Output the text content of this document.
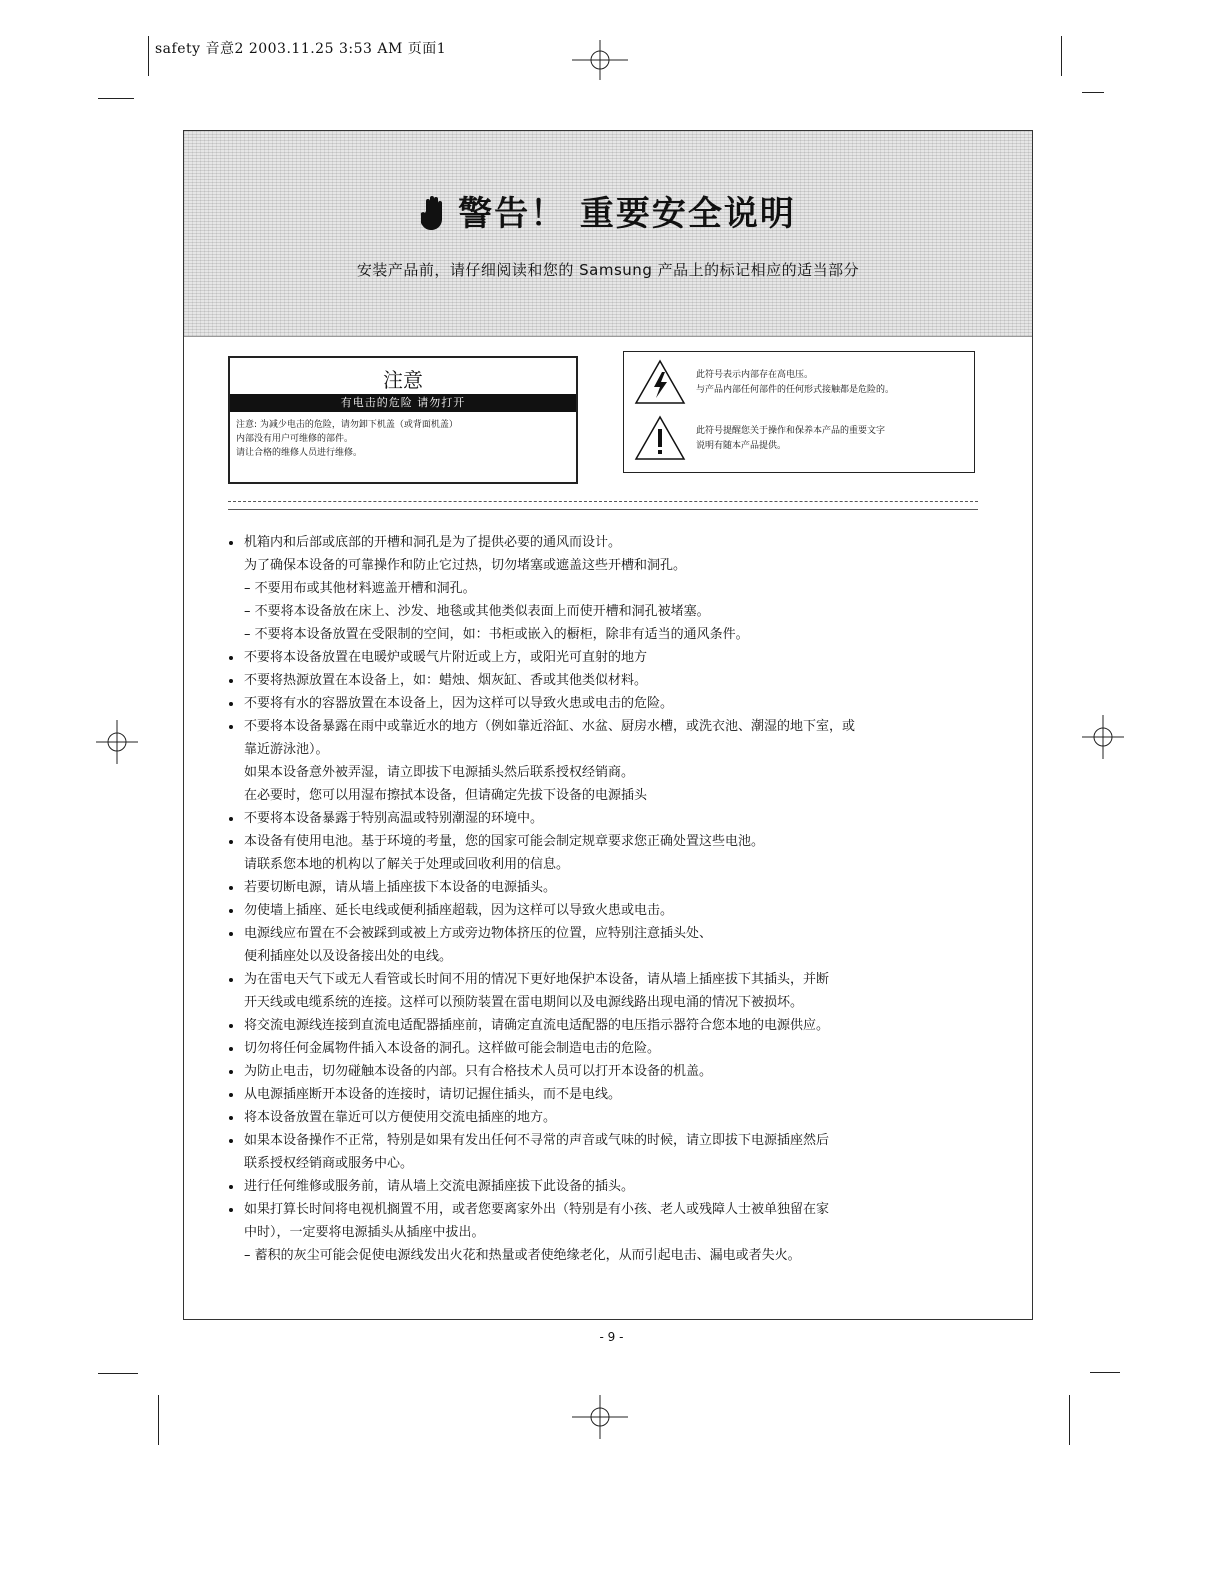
safety 音意2 2003.11.25 3:53 AM 页面1
警告！ 重要安全说明
安装产品前，请仔细阅读和您的 Samsung 产品上的标记相应的适当部分
注意
有电击的危险 请勿打开
注意: 为减少电击的危险，请勿卸下机盖（或背面机盖）
内部没有用户可维修的部件。
请让合格的维修人员进行维修。
此符号表示内部存在高电压。
与产品内部任何部件的任何形式接触都是危险的。
此符号提醒您关于操作和保养本产品的重要文字
说明有随本产品提供。
机箱内和后部或底部的开槽和洞孔是为了提供必要的通风而设计。
为了确保本设备的可靠操作和防止它过热，切勿堵塞或遮盖这些开槽和洞孔。
– 不要用布或其他材料遮盖开槽和洞孔。
– 不要将本设备放在床上、沙发、地毯或其他类似表面上而使开槽和洞孔被堵塞。
– 不要将本设备放置在受限制的空间，如：书柜或嵌入的橱柜，除非有适当的通风条件。
不要将本设备放置在电暖炉或暖气片附近或上方，或阳光可直射的地方
不要将热源放置在本设备上，如：蜡烛、烟灰缸、香或其他类似材料。
不要将有水的容器放置在本设备上，因为这样可以导致火患或电击的危险。
不要将本设备暴露在雨中或靠近水的地方（例如靠近浴缸、水盆、厨房水槽，或洗衣池、潮湿的地下室，或
靠近游泳池）。
如果本设备意外被弄湿，请立即拔下电源插头然后联系授权经销商。
在必要时，您可以用湿布擦拭本设备，但请确定先拔下设备的电源插头
不要将本设备暴露于特别高温或特别潮湿的环境中。
本设备有使用电池。基于环境的考量，您的国家可能会制定规章要求您正确处置这些电池。
请联系您本地的机构以了解关于处理或回收利用的信息。
若要切断电源，请从墙上插座拔下本设备的电源插头。
勿使墙上插座、延长电线或便利插座超载，因为这样可以导致火患或电击。
电源线应布置在不会被踩到或被上方或旁边物体挤压的位置，应特别注意插头处、
便利插座处以及设备接出处的电线。
为在雷电天气下或无人看管或长时间不用的情况下更好地保护本设备，请从墙上插座拔下其插头，并断
开天线或电缆系统的连接。这样可以预防装置在雷电期间以及电源线路出现电涌的情况下被损坏。
将交流电源线连接到直流电适配器插座前，请确定直流电适配器的电压指示器符合您本地的电源供应。
切勿将任何金属物件插入本设备的洞孔。这样做可能会制造电击的危险。
为防止电击，切勿碰触本设备的内部。只有合格技术人员可以打开本设备的机盖。
从电源插座断开本设备的连接时，请切记握住插头，而不是电线。
将本设备放置在靠近可以方便使用交流电插座的地方。
如果本设备操作不正常，特别是如果有发出任何不寻常的声音或气味的时候，请立即拔下电源插座然后
联系授权经销商或服务中心。
进行任何维修或服务前，请从墙上交流电源插座拔下此设备的插头。
如果打算长时间将电视机搁置不用，或者您要离家外出（特别是有小孩、老人或残障人士被单独留在家
中时），一定要将电源插头从插座中拔出。
– 蓄积的灰尘可能会促使电源线发出火花和热量或者使绝缘老化，从而引起电击、漏电或者失火。
- 9 -
